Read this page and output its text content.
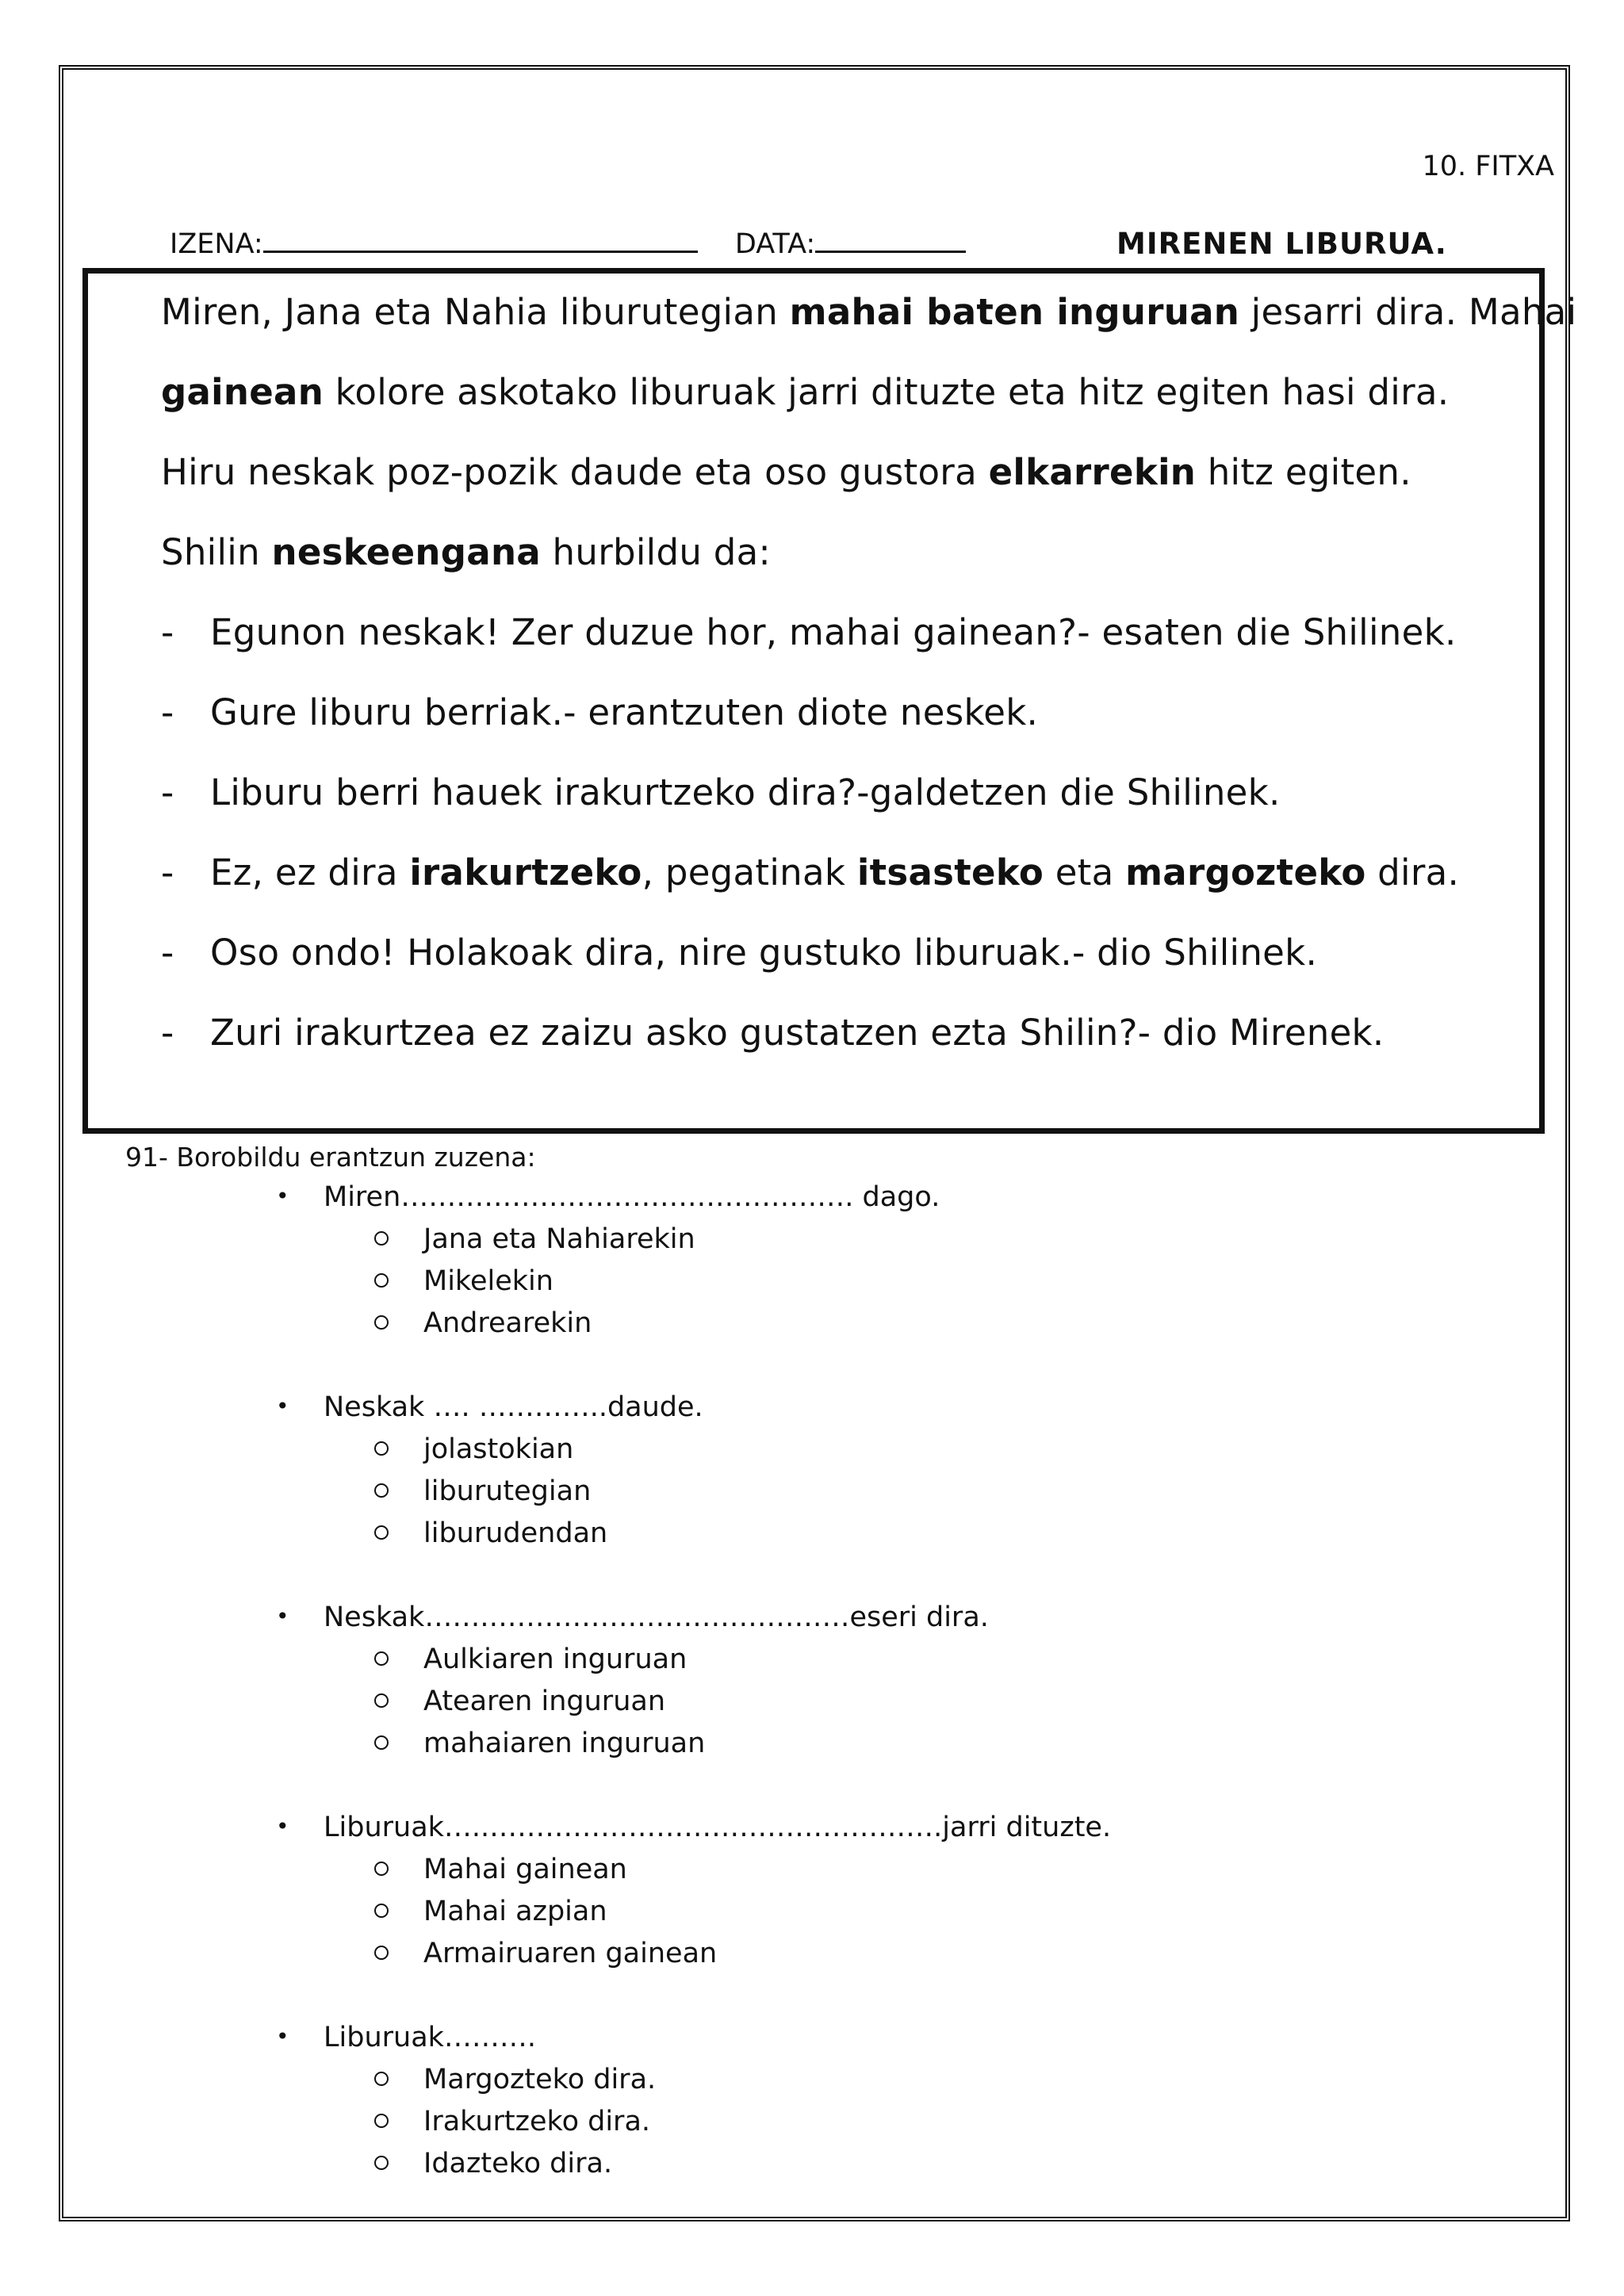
10. FITXA
IZENA:	DATA:	MIRENEN LIBURUA.
Miren, Jana eta Nahia liburutegian mahai baten inguruan jesarri dira. Mahai
gainean kolore askotako liburuak jarri dituzte eta hitz egiten hasi dira.
Hiru neskak poz-pozik daude eta oso gustora elkarrekin hitz egiten.
Shilin neskeengana hurbildu da:
- Egunon neskak! Zer duzue hor, mahai gainean?- esaten die Shilinek.
- Gure liburu berriak.- erantzuten diote neskek.
- Liburu berri hauek irakurtzeko dira?-galdetzen die Shilinek.
- Ez, ez dira irakurtzeko, pegatinak itsasteko eta margozteko dira.
- Oso ondo! Holakoak dira, nire gustuko liburuak.- dio Shilinek.
- Zuri irakurtzea ez zaizu asko gustatzen ezta Shilin?- dio Mirenek.
91- Borobildu erantzun zuzena:
• Miren…………………………………………. dago.
Jana eta Nahiarekin
Mikelekin
Andrearekin
• Neskak …. …………..daude.
jolastokian
liburutegian
liburudendan
• Neskak…….…………………………………eseri dira.
Aulkiaren inguruan
Atearen inguruan
mahaiaren inguruan
• Liburuak…..………………………………………….jarri dituzte.
Mahai gainean
Mahai azpian
Armairuaren gainean
• Liburuak……….
Margozteko dira.
Irakurtzeko dira.
Idazteko dira.
